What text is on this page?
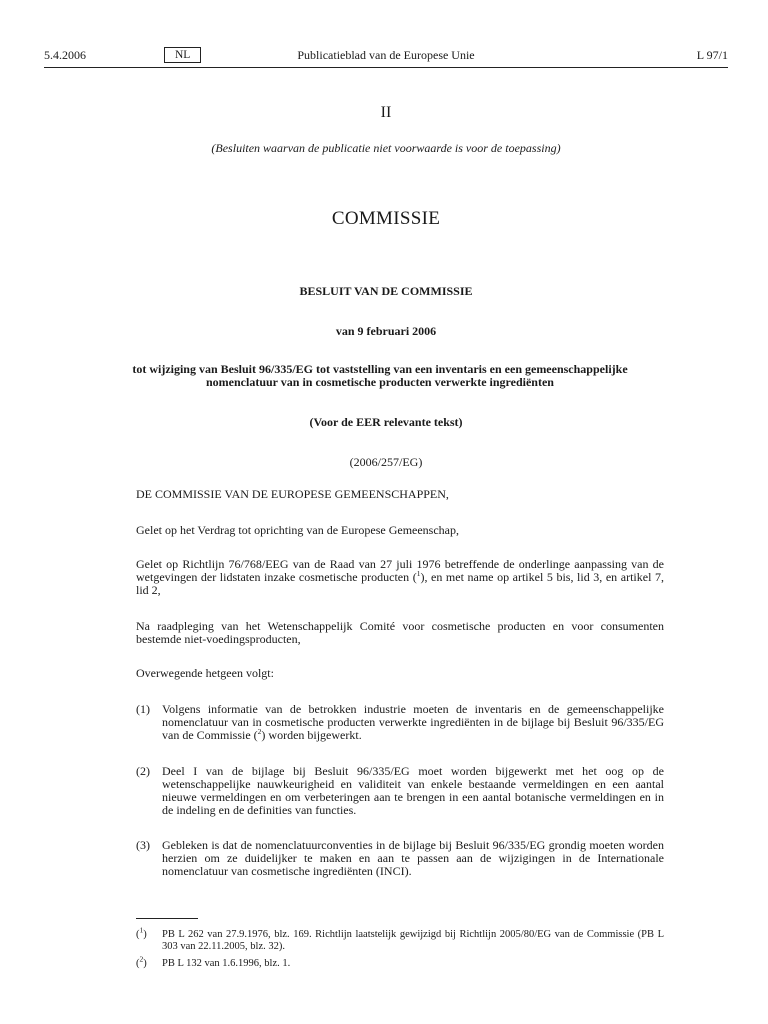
5.4.2006	Publicatieblad van de Europese Unie
NL	L 97/1
II
(Besluiten waarvan de publicatie niet voorwaarde is voor de toepassing)
COMMISSIE
BESLUIT VAN DE COMMISSIE
van 9 februari 2006
tot wijziging van Besluit 96/335/EG tot vaststelling van een inventaris en een gemeenschappelijke nomenclatuur van in cosmetische producten verwerkte ingrediënten
(Voor de EER relevante tekst)
(2006/257/EG)
DE COMMISSIE VAN DE EUROPESE GEMEENSCHAPPEN,
Gelet op het Verdrag tot oprichting van de Europese Gemeenschap,
Gelet op Richtlijn 76/768/EEG van de Raad van 27 juli 1976 betreffende de onderlinge aanpassing van de wetgevingen der lidstaten inzake cosmetische producten ($^1$), en met name op artikel 5 bis, lid 3, en artikel 7, lid 2,
Na raadpleging van het Wetenschappelijk Comité voor cosmetische producten en voor consumenten bestemde niet-voedingsproducten,
Overwegende hetgeen volgt:
(1) Volgens informatie van de betrokken industrie moeten de inventaris en de gemeenschappelijke nomenclatuur van in cosmetische producten verwerkte ingrediënten in de bijlage bij Besluit 96/335/EG van de Commissie ($^2$) worden bijgewerkt.
(2) Deel I van de bijlage bij Besluit 96/335/EG moet worden bijgewerkt met het oog op de wetenschappelijke nauwkeurigheid en validiteit van enkele bestaande vermeldingen en een aantal nieuwe vermeldingen en om verbeteringen aan te brengen in een aantal botanische vermeldingen en in de indeling en de definities van functies.
(3) Gebleken is dat de nomenclatuurconventies in de bijlage bij Besluit 96/335/EG grondig moeten worden herzien om ze duidelijker te maken en aan te passen aan de wijzigingen in de Internationale nomenclatuur van cosmetische ingrediënten (INCI).
($^1$) PB L 262 van 27.9.1976, blz. 169. Richtlijn laatstelijk gewijzigd bij Richtlijn 2005/80/EG van de Commissie (PB L 303 van 22.11.2005, blz. 32).
($^2$) PB L 132 van 1.6.1996, blz. 1.
